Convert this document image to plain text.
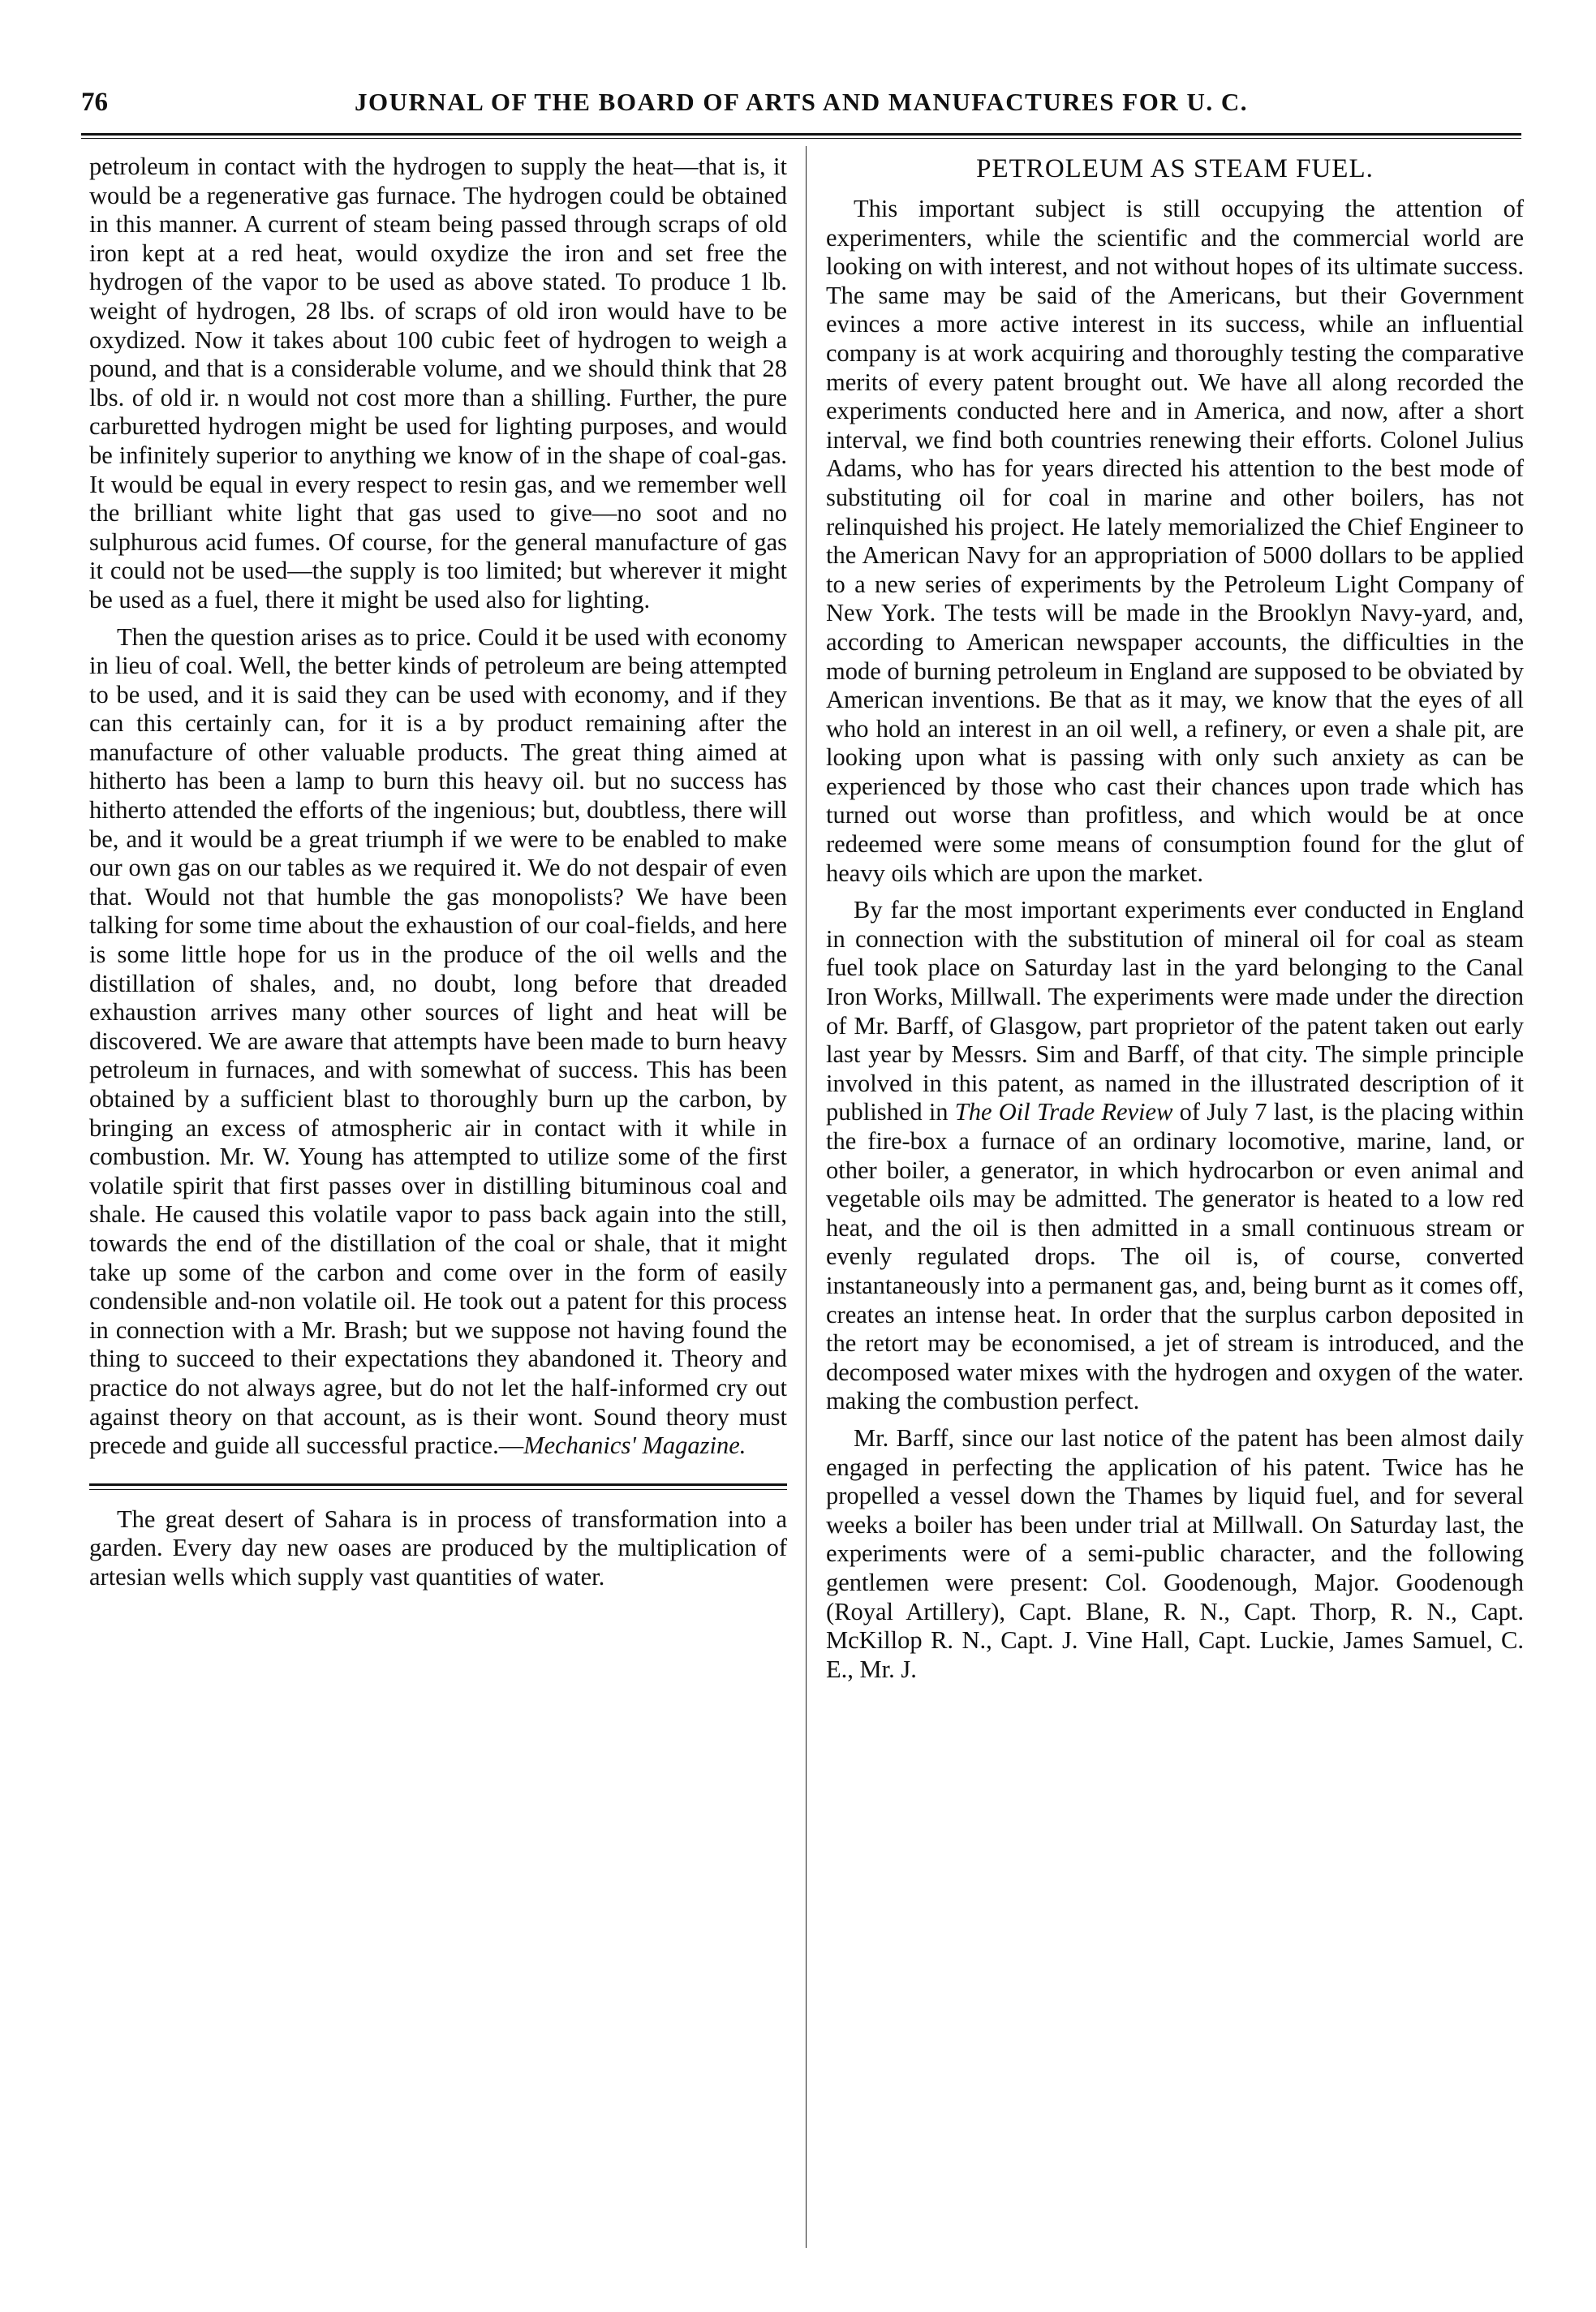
76	JOURNAL OF THE BOARD OF ARTS AND MANUFACTURES FOR U. C.

petroleum in contact with the hydrogen to supply the heat—that is, it would be a regenerative gas furnace. The hydrogen could be obtained in this manner. A current of steam being passed through scraps of old iron kept at a red heat, would oxydize the iron and set free the hydrogen of the vapor to be used as above stated. To produce 1 lb. weight of hydrogen, 28 lbs. of scraps of old iron would have to be oxydized. Now it takes about 100 cubic feet of hydrogen to weigh a pound, and that is a considerable volume, and we should think that 28 lbs. of old ir. n would not cost more than a shilling. Further, the pure carburetted hydrogen might be used for lighting purposes, and would be infinitely superior to anything we know of in the shape of coal-gas. It would be equal in every respect to resin gas, and we remember well the brilliant white light that gas used to give—no soot and no sulphurous acid fumes. Of course, for the general manufacture of gas it could not be used—the supply is too limited; but wherever it might be used as a fuel, there it might be used also for lighting.

Then the question arises as to price. Could it be used with economy in lieu of coal. Well, the better kinds of petroleum are being attempted to be used, and it is said they can be used with economy, and if they can this certainly can, for it is a by product remaining after the manufacture of other valuable products. The great thing aimed at hitherto has been a lamp to burn this heavy oil. but no success has hitherto attended the efforts of the ingenious; but, doubtless, there will be, and it would be a great triumph if we were to be enabled to make our own gas on our tables as we required it. We do not despair of even that. Would not that humble the gas monopolists? We have been talking for some time about the exhaustion of our coal-fields, and here is some little hope for us in the produce of the oil wells and the distillation of shales, and, no doubt, long before that dreaded exhaustion arrives many other sources of light and heat will be discovered. We are aware that attempts have been made to burn heavy petroleum in furnaces, and with somewhat of success. This has been obtained by a sufficient blast to thoroughly burn up the carbon, by bringing an excess of atmospheric air in contact with it while in combustion. Mr. W. Young has attempted to utilize some of the first volatile spirit that first passes over in distilling bituminous coal and shale. He caused this volatile vapor to pass back again into the still, towards the end of the distillation of the coal or shale, that it might take up some of the carbon and come over in the form of easily condensible and-non volatile oil. He took out a patent for this process in connection with a Mr. Brash; but we suppose not having found the thing to succeed to their expectations they abandoned it. Theory and practice do not always agree, but do not let the half-informed cry out against theory on that account, as is their wont. Sound theory must precede and guide all successful practice.—Mechanics' Magazine.

The great desert of Sahara is in process of transformation into a garden. Every day new oases are produced by the multiplication of artesian wells which supply vast quantities of water.

PETROLEUM AS STEAM FUEL.

This important subject is still occupying the attention of experimenters, while the scientific and the commercial world are looking on with interest, and not without hopes of its ultimate success. The same may be said of the Americans, but their Government evinces a more active interest in its success, while an influential company is at work acquiring and thoroughly testing the comparative merits of every patent brought out. We have all along recorded the experiments conducted here and in America, and now, after a short interval, we find both countries renewing their efforts. Colonel Julius Adams, who has for years directed his attention to the best mode of substituting oil for coal in marine and other boilers, has not relinquished his project. He lately memorialized the Chief Engineer to the American Navy for an appropriation of 5000 dollars to be applied to a new series of experiments by the Petroleum Light Company of New York. The tests will be made in the Brooklyn Navy-yard, and, according to American newspaper accounts, the difficulties in the mode of burning petroleum in England are supposed to be obviated by American inventions. Be that as it may, we know that the eyes of all who hold an interest in an oil well, a refinery, or even a shale pit, are looking upon what is passing with only such anxiety as can be experienced by those who cast their chances upon trade which has turned out worse than profitless, and which would be at once redeemed were some means of consumption found for the glut of heavy oils which are upon the market.

By far the most important experiments ever conducted in England in connection with the substitution of mineral oil for coal as steam fuel took place on Saturday last in the yard belonging to the Canal Iron Works, Millwall. The experiments were made under the direction of Mr. Barff, of Glasgow, part proprietor of the patent taken out early last year by Messrs. Sim and Barff, of that city. The simple principle involved in this patent, as named in the illustrated description of it published in The Oil Trade Review of July 7 last, is the placing within the fire-box a furnace of an ordinary locomotive, marine, land, or other boiler, a generator, in which hydrocarbon or even animal and vegetable oils may be admitted. The generator is heated to a low red heat, and the oil is then admitted in a small continuous stream or evenly regulated drops. The oil is, of course, converted instantaneously into a permanent gas, and, being burnt as it comes off, creates an intense heat. In order that the surplus carbon deposited in the retort may be economised, a jet of stream is introduced, and the decomposed water mixes with the hydrogen and oxygen of the water. making the combustion perfect.

Mr. Barff, since our last notice of the patent has been almost daily engaged in perfecting the application of his patent. Twice has he propelled a vessel down the Thames by liquid fuel, and for several weeks a boiler has been under trial at Millwall. On Saturday last, the experiments were of a semi-public character, and the following gentlemen were present: Col. Goodenough, Major. Goodenough (Royal Artillery), Capt. Blane, R. N., Capt. Thorp, R. N., Capt. McKillop R. N., Capt. J. Vine Hall, Capt. Luckie, James Samuel, C. E., Mr. J.
